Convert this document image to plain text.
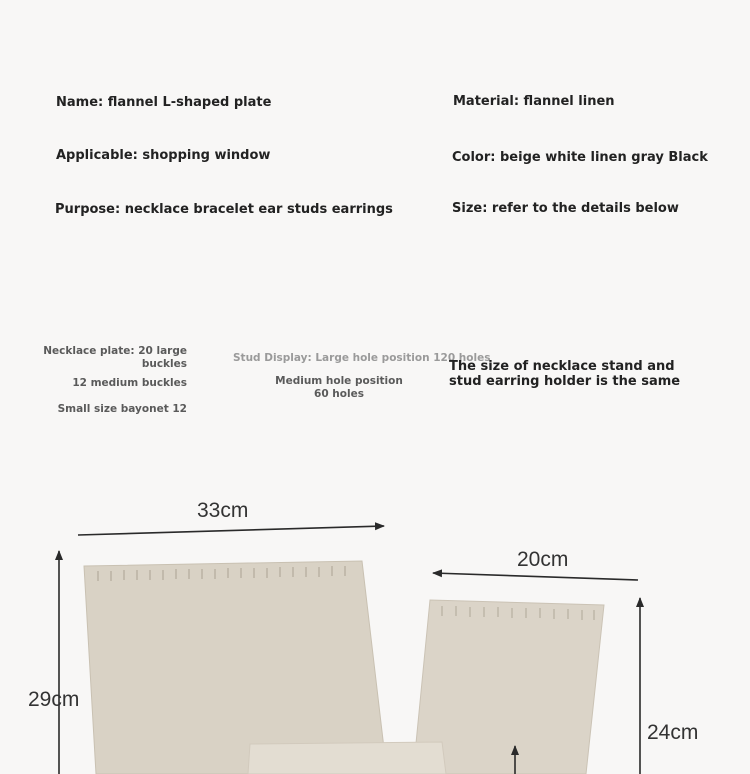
Name: flannel L-shaped plate	Material: flannel linen
Applicable: shopping window	Color: beige white linen gray Black
Purpose: necklace bracelet ear studs earrings	Size: refer to the details below
Necklace plate: 20 large buckles
12 medium buckles
Small size bayonet 12
Stud Display: Large hole position 120 holes
Medium hole position 60 holes
The size of necklace stand and stud earring holder is the same
33cm
29cm
20cm
24cm
